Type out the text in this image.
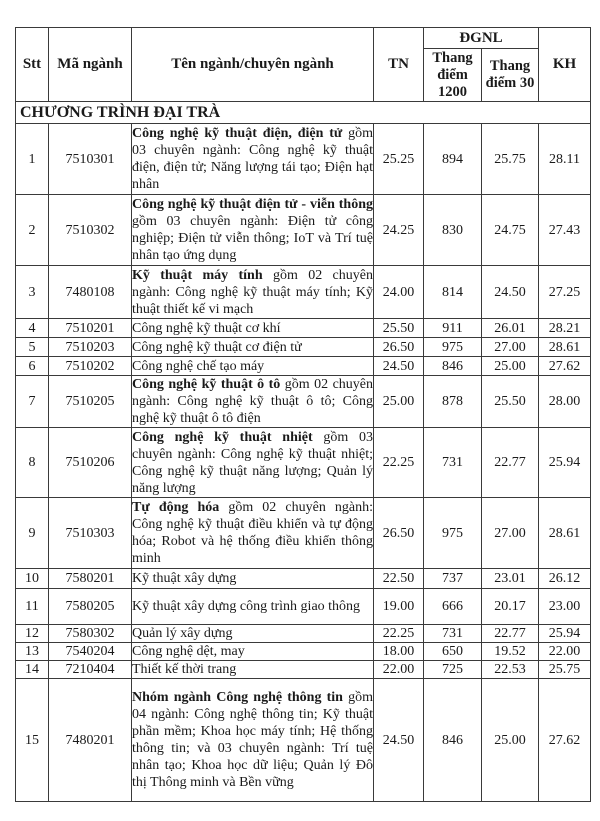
Stt	Mã ngành	Tên ngành/chuyên ngành	TN	ĐGNL		KH
				Thang điểm 1200	Thang điểm 30	
CHƯƠNG TRÌNH ĐẠI TRÀ						
1	7510301	Công nghệ kỹ thuật điện, điện tử gồm 03 chuyên ngành: Công nghệ kỹ thuật điện, điện tử; Năng lượng tái tạo; Điện hạt nhân	25.25	894	25.75	28.11
2	7510302	Công nghệ kỹ thuật điện tử - viễn thông gồm 03 chuyên ngành: Điện tử công nghiệp; Điện tử viễn thông; IoT và Trí tuệ nhân tạo ứng dụng	24.25	830	24.75	27.43
3	7480108	Kỹ thuật máy tính gồm 02 chuyên ngành: Công nghệ kỹ thuật máy tính; Kỹ thuật thiết kế vi mạch	24.00	814	24.50	27.25
4	7510201	Công nghệ kỹ thuật cơ khí	25.50	911	26.01	28.21
5	7510203	Công nghệ kỹ thuật cơ điện tử	26.50	975	27.00	28.61
6	7510202	Công nghệ chế tạo máy	24.50	846	25.00	27.62
7	7510205	Công nghệ kỹ thuật ô tô gồm 02 chuyên ngành: Công nghệ kỹ thuật ô tô; Công nghệ kỹ thuật ô tô điện	25.00	878	25.50	28.00
8	7510206	Công nghệ kỹ thuật nhiệt gồm 03 chuyên ngành: Công nghệ kỹ thuật nhiệt; Công nghệ kỹ thuật năng lượng; Quản lý năng lượng	22.25	731	22.77	25.94
9	7510303	Tự động hóa gồm 02 chuyên ngành: Công nghệ kỹ thuật điều khiển và tự động hóa; Robot và hệ thống điều khiển thông minh	26.50	975	27.00	28.61
10	7580201	Kỹ thuật xây dựng	22.50	737	23.01	26.12
11	7580205	Kỹ thuật xây dựng công trình giao thông	19.00	666	20.17	23.00
12	7580302	Quản lý xây dựng	22.25	731	22.77	25.94
13	7540204	Công nghệ dệt, may	18.00	650	19.52	22.00
14	7210404	Thiết kế thời trang	22.00	725	22.53	25.75
15	7480201	Nhóm ngành Công nghệ thông tin gồm 04 ngành: Công nghệ thông tin; Kỹ thuật phần mềm; Khoa học máy tính; Hệ thống thông tin; và 03 chuyên ngành: Trí tuệ nhân tạo; Khoa học dữ liệu; Quản lý Đô thị Thông minh và Bền vững	24.50	846	25.00	27.62
